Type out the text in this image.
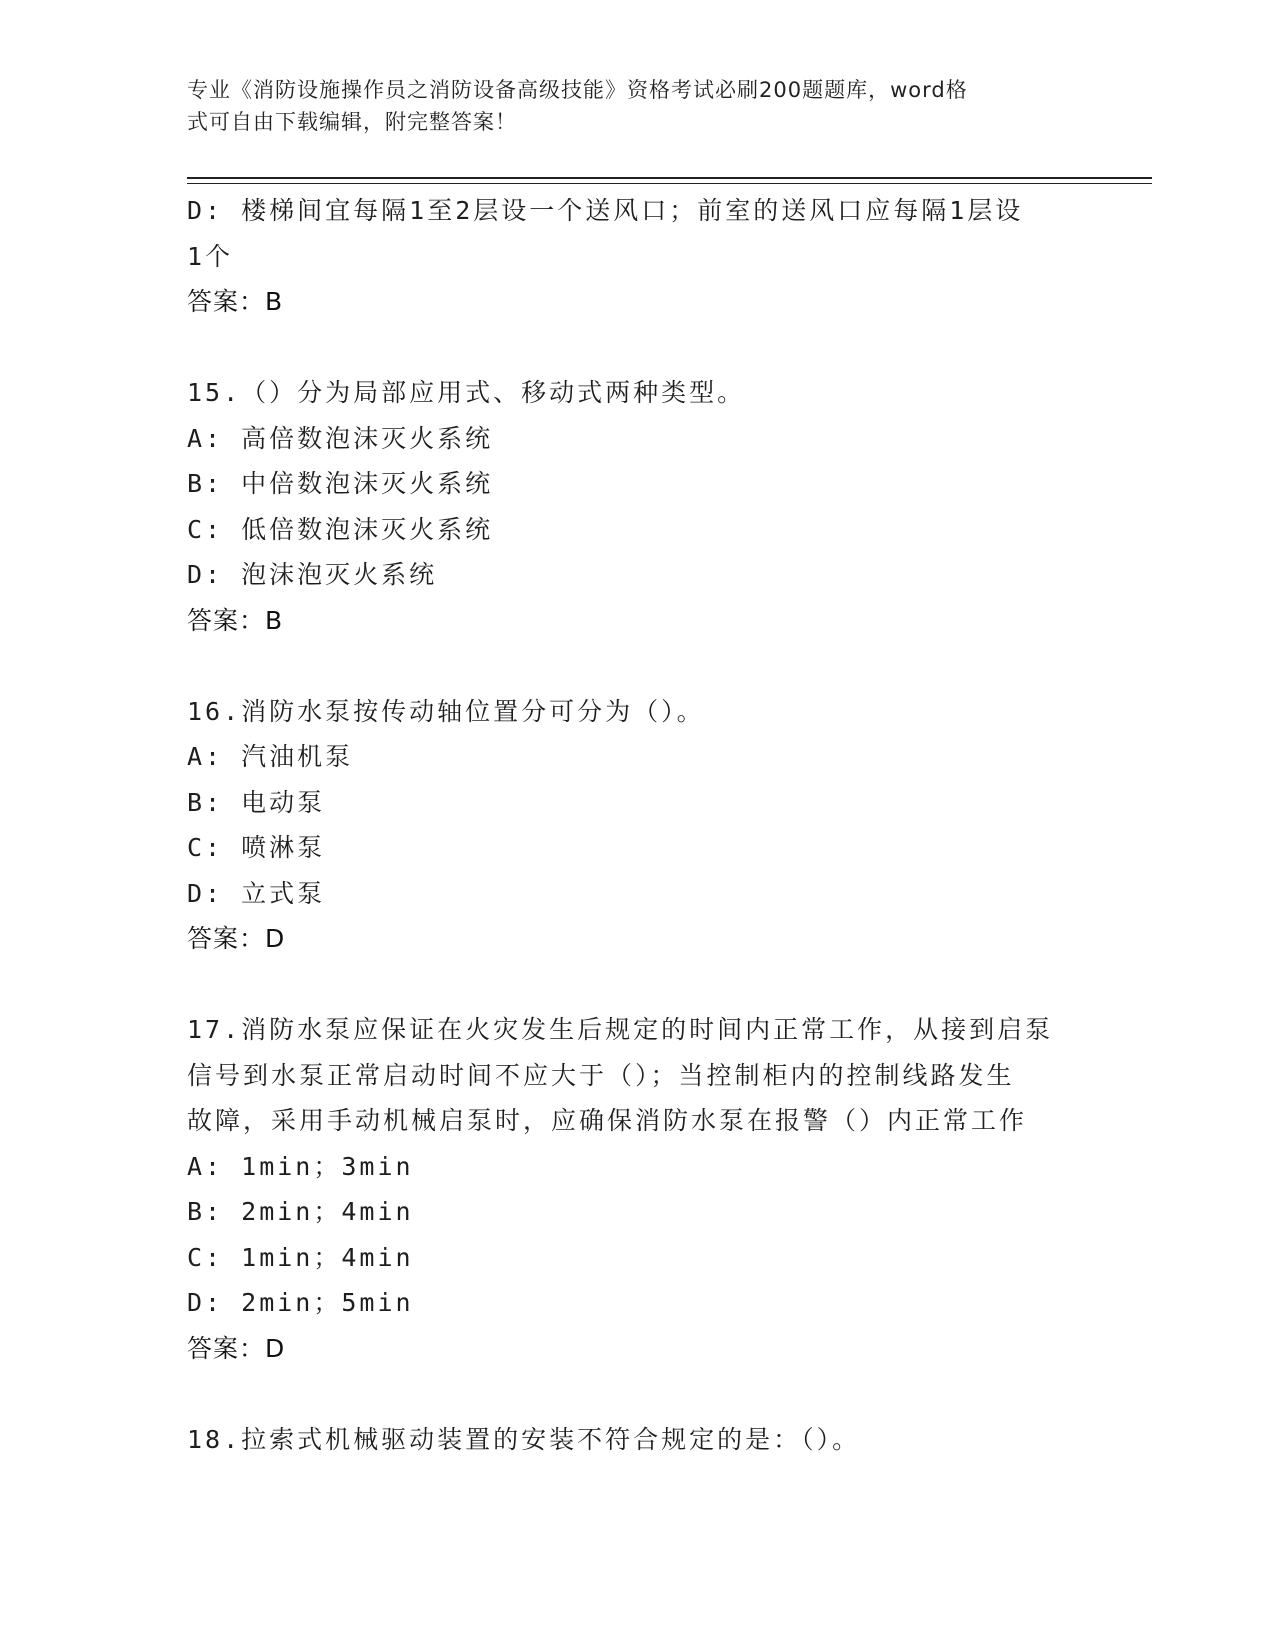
专业《消防设施操作员之消防设备高级技能》资格考试必刷200题题库，word格
式可自由下载编辑，附完整答案！
D: 楼梯间宜每隔1至2层设一个送风口；前室的送风口应每隔1层设
1个
答案：B
15.（）分为局部应用式、移动式两种类型。
A: 高倍数泡沫灭火系统
B: 中倍数泡沫灭火系统
C: 低倍数泡沫灭火系统
D: 泡沫泡灭火系统
答案：B
16.消防水泵按传动轴位置分可分为（）。
A: 汽油机泵
B: 电动泵
C: 喷淋泵
D: 立式泵
答案：D
17.消防水泵应保证在火灾发生后规定的时间内正常工作，从接到启泵
信号到水泵正常启动时间不应大于（）；当控制柜内的控制线路发生
故障，采用手动机械启泵时，应确保消防水泵在报警（）内正常工作
A: 1min；3min
B: 2min；4min
C: 1min；4min
D: 2min；5min
答案：D
18.拉索式机械驱动装置的安装不符合规定的是：（）。
